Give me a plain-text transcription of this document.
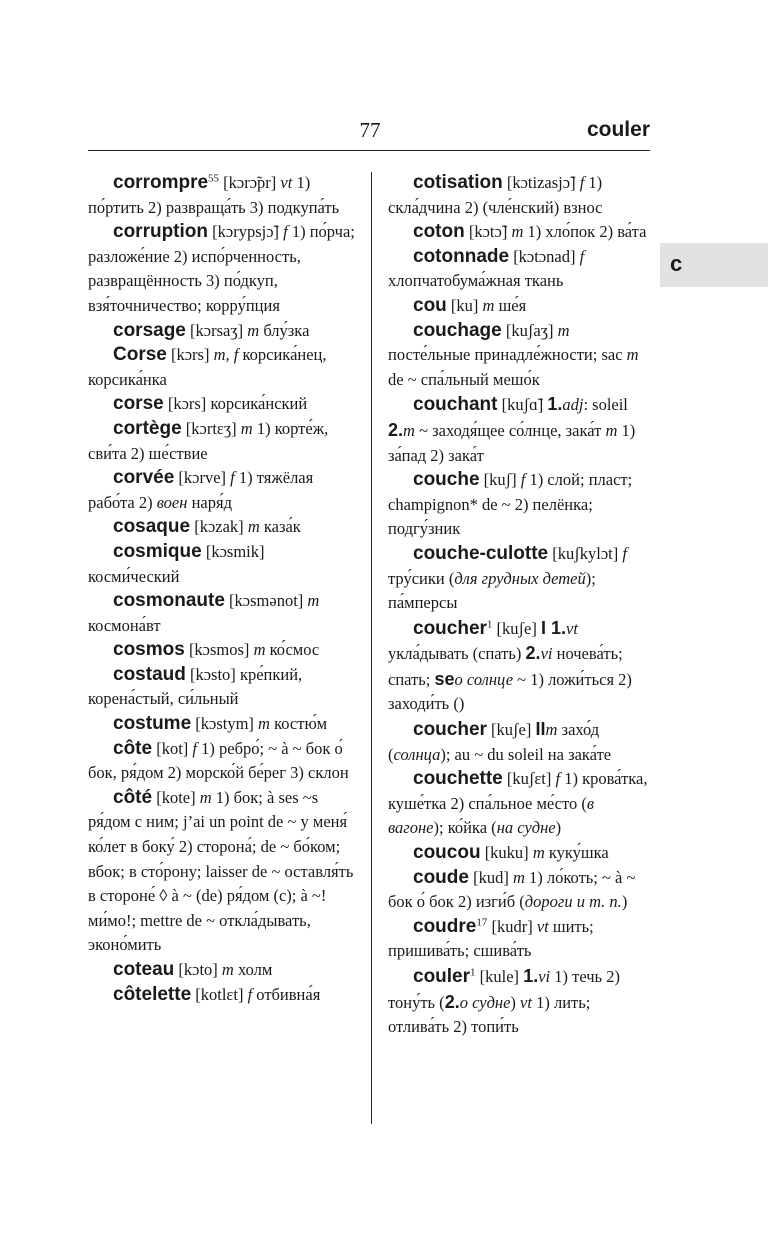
77	couler
c

corrompre$^{55}$ [kɔrɔ̃pr] vt 1) по́ртить 2) развраща́ть 3) подкупа́ть

corruption [kɔrypsjɔ̃] f 1) по́рча; разложе́ние 2) испо́рченность, развращённость 3) по́дкуп, взя́точничество; корру́пция

corsage [kɔrsaʒ] m блу́зка

Corse [kɔrs] m, f корсика́нец, корсика́нка

corse [kɔrs] корсика́нский

cortège [kɔrtɛʒ] m 1) корте́ж, сви́та 2) ше́ствие

corvée [kɔrve] f 1) тяжёлая рабо́та 2) воен наря́д

cosaque [kɔzak] m каза́к

cosmique [kɔsmik] косми́ческий

cosmonaute [kɔsmənot] m космона́вт

cosmos [kɔsmos] m ко́смос

costaud [kɔsto] кре́пкий, корена́стый, си́льный

costume [kɔstym] m костю́м

côte [kot] f 1) ребро́; ~ à ~ бок о́ бок, ря́дом 2) морско́й бе́рег 3) склон

côté [kote] m 1) бок; à ses ~s ря́дом с ним; j’ai un point de ~ у меня́ ко́лет в боку́ 2) сторона́; de ~ бо́ком; вбок; в сто́рону; laisser de ~ оставля́ть в стороне́ ◊ à ~ (de) ря́дом (с); à ~! ми́мо!; mettre de ~ откла́дывать, эконо́мить

coteau [kɔto] m холм

côtelette [kotlɛt] f отбивна́я

cotisation [kɔtizasjɔ̃] f 1) скла́дчина 2) (чле́нский) взнос

coton [kɔtɔ̃] m 1) хло́пок 2) ва́та

cotonnade [kɔtɔnad] f хлопчатобума́жная ткань

cou [ku] m ше́я

couchage [kuʃaʒ] m посте́льные принадле́жности; sac m de ~ спа́льный мешо́к

couchant [kuʃɑ̃] 1.adj: soleil 2.m ~ заходя́щее со́лнце, зака́т m 1) за́пад 2) зака́т

couche [kuʃ] f 1) слой; пласт; champignon* de ~ 2) пелёнка; подгу́зник

couche-culotte [kuʃkylɔt] f тру́сики (для грудных детей); па́мперсы

coucher$^1$ [kuʃe] I 1.vt укла́дывать (спать) 2.vi ночева́ть; спать; seо солнце ~ 1) ложи́ться 2) заходи́ть ()

coucher [kuʃe] IIm захо́д (солнца); au ~ du soleil на зака́те

couchette [kuʃɛt] f 1) крова́тка, куше́тка 2) спа́льное ме́сто (в вагоне); ко́йка (на судне)

coucou [kuku] m куку́шка

coude [kud] m 1) ло́коть; ~ à ~ бок о́ бок 2) изги́б (дороги и т. п.)

coudre$^{17}$ [kudr] vt шить; пришива́ть; сшива́ть

couler$^1$ [kule] 1.vi 1) течь 2) тону́ть (2.о судне) vt 1) лить; отлива́ть 2) топи́ть
